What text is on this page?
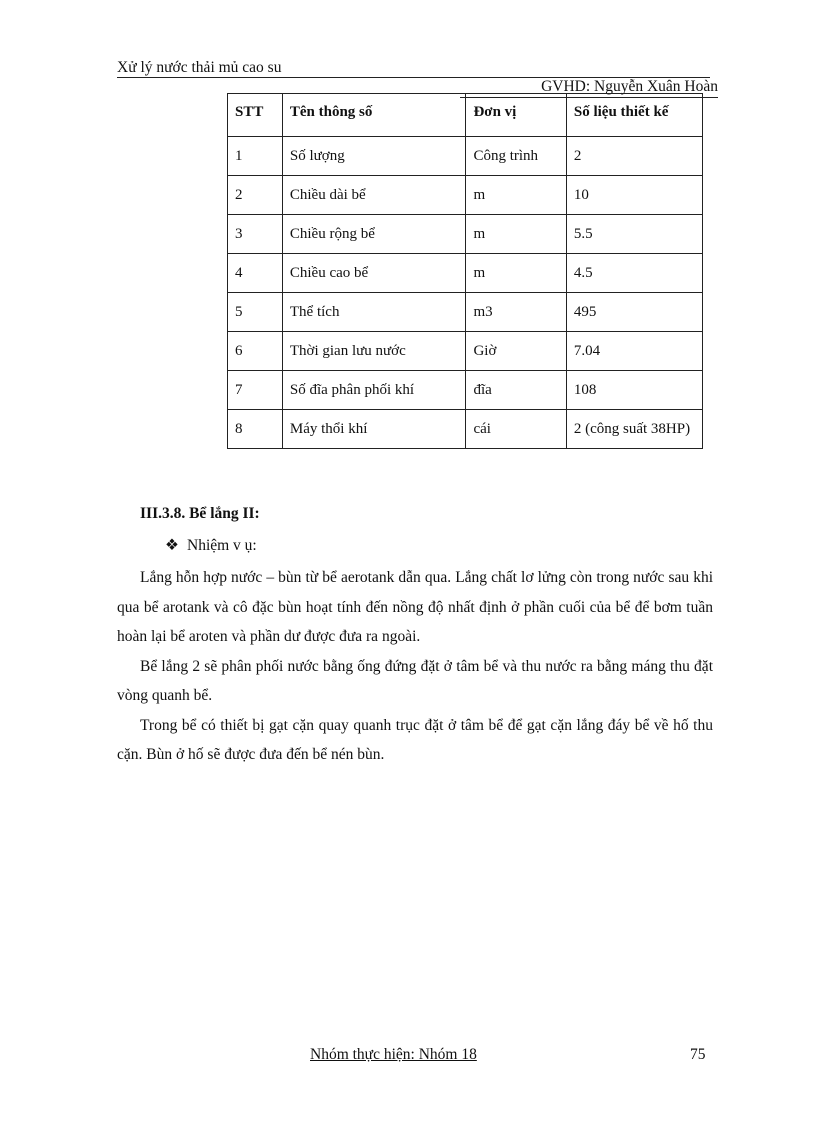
Xử lý nước thải mủ cao su
GVHD: Nguyễn Xuân Hoàn
STT	Tên thông số	Đơn vị	Số liệu thiết kế
1	Số lượng	Công trình	2
2	Chiều dài bể	m	10
3	Chiều rộng bể	m	5.5
4	Chiều cao bể	m	4.5
5	Thể tích	m3	495
6	Thời gian lưu nước	Giờ	7.04
7	Số đĩa phân phối khí	đĩa	108
8	Máy thổi khí	cái	2 (công suất 38HP)
III.3.8. Bể lắng II:
❖ Nhiệm v ụ:

Lắng hỗn hợp nước – bùn từ bể aerotank dẫn qua. Lắng chất lơ lửng còn trong nước sau khi qua bể arotank và cô đặc bùn hoạt tính đến nồng độ nhất định ở phần cuối của bể để bơm tuần hoàn lại bể aroten và phần dư được đưa ra ngoài.

Bể lắng 2 sẽ phân phối nước bằng ống đứng đặt ở tâm bể và thu nước ra bằng máng thu đặt vòng quanh bể.

Trong bể có thiết bị gạt cặn quay quanh trục đặt ở tâm bể để gạt cặn lắng đáy bể về hố thu cặn. Bùn ở hố sẽ được đưa đến bể nén bùn.

Nhóm thực hiện: Nhóm 18	75
